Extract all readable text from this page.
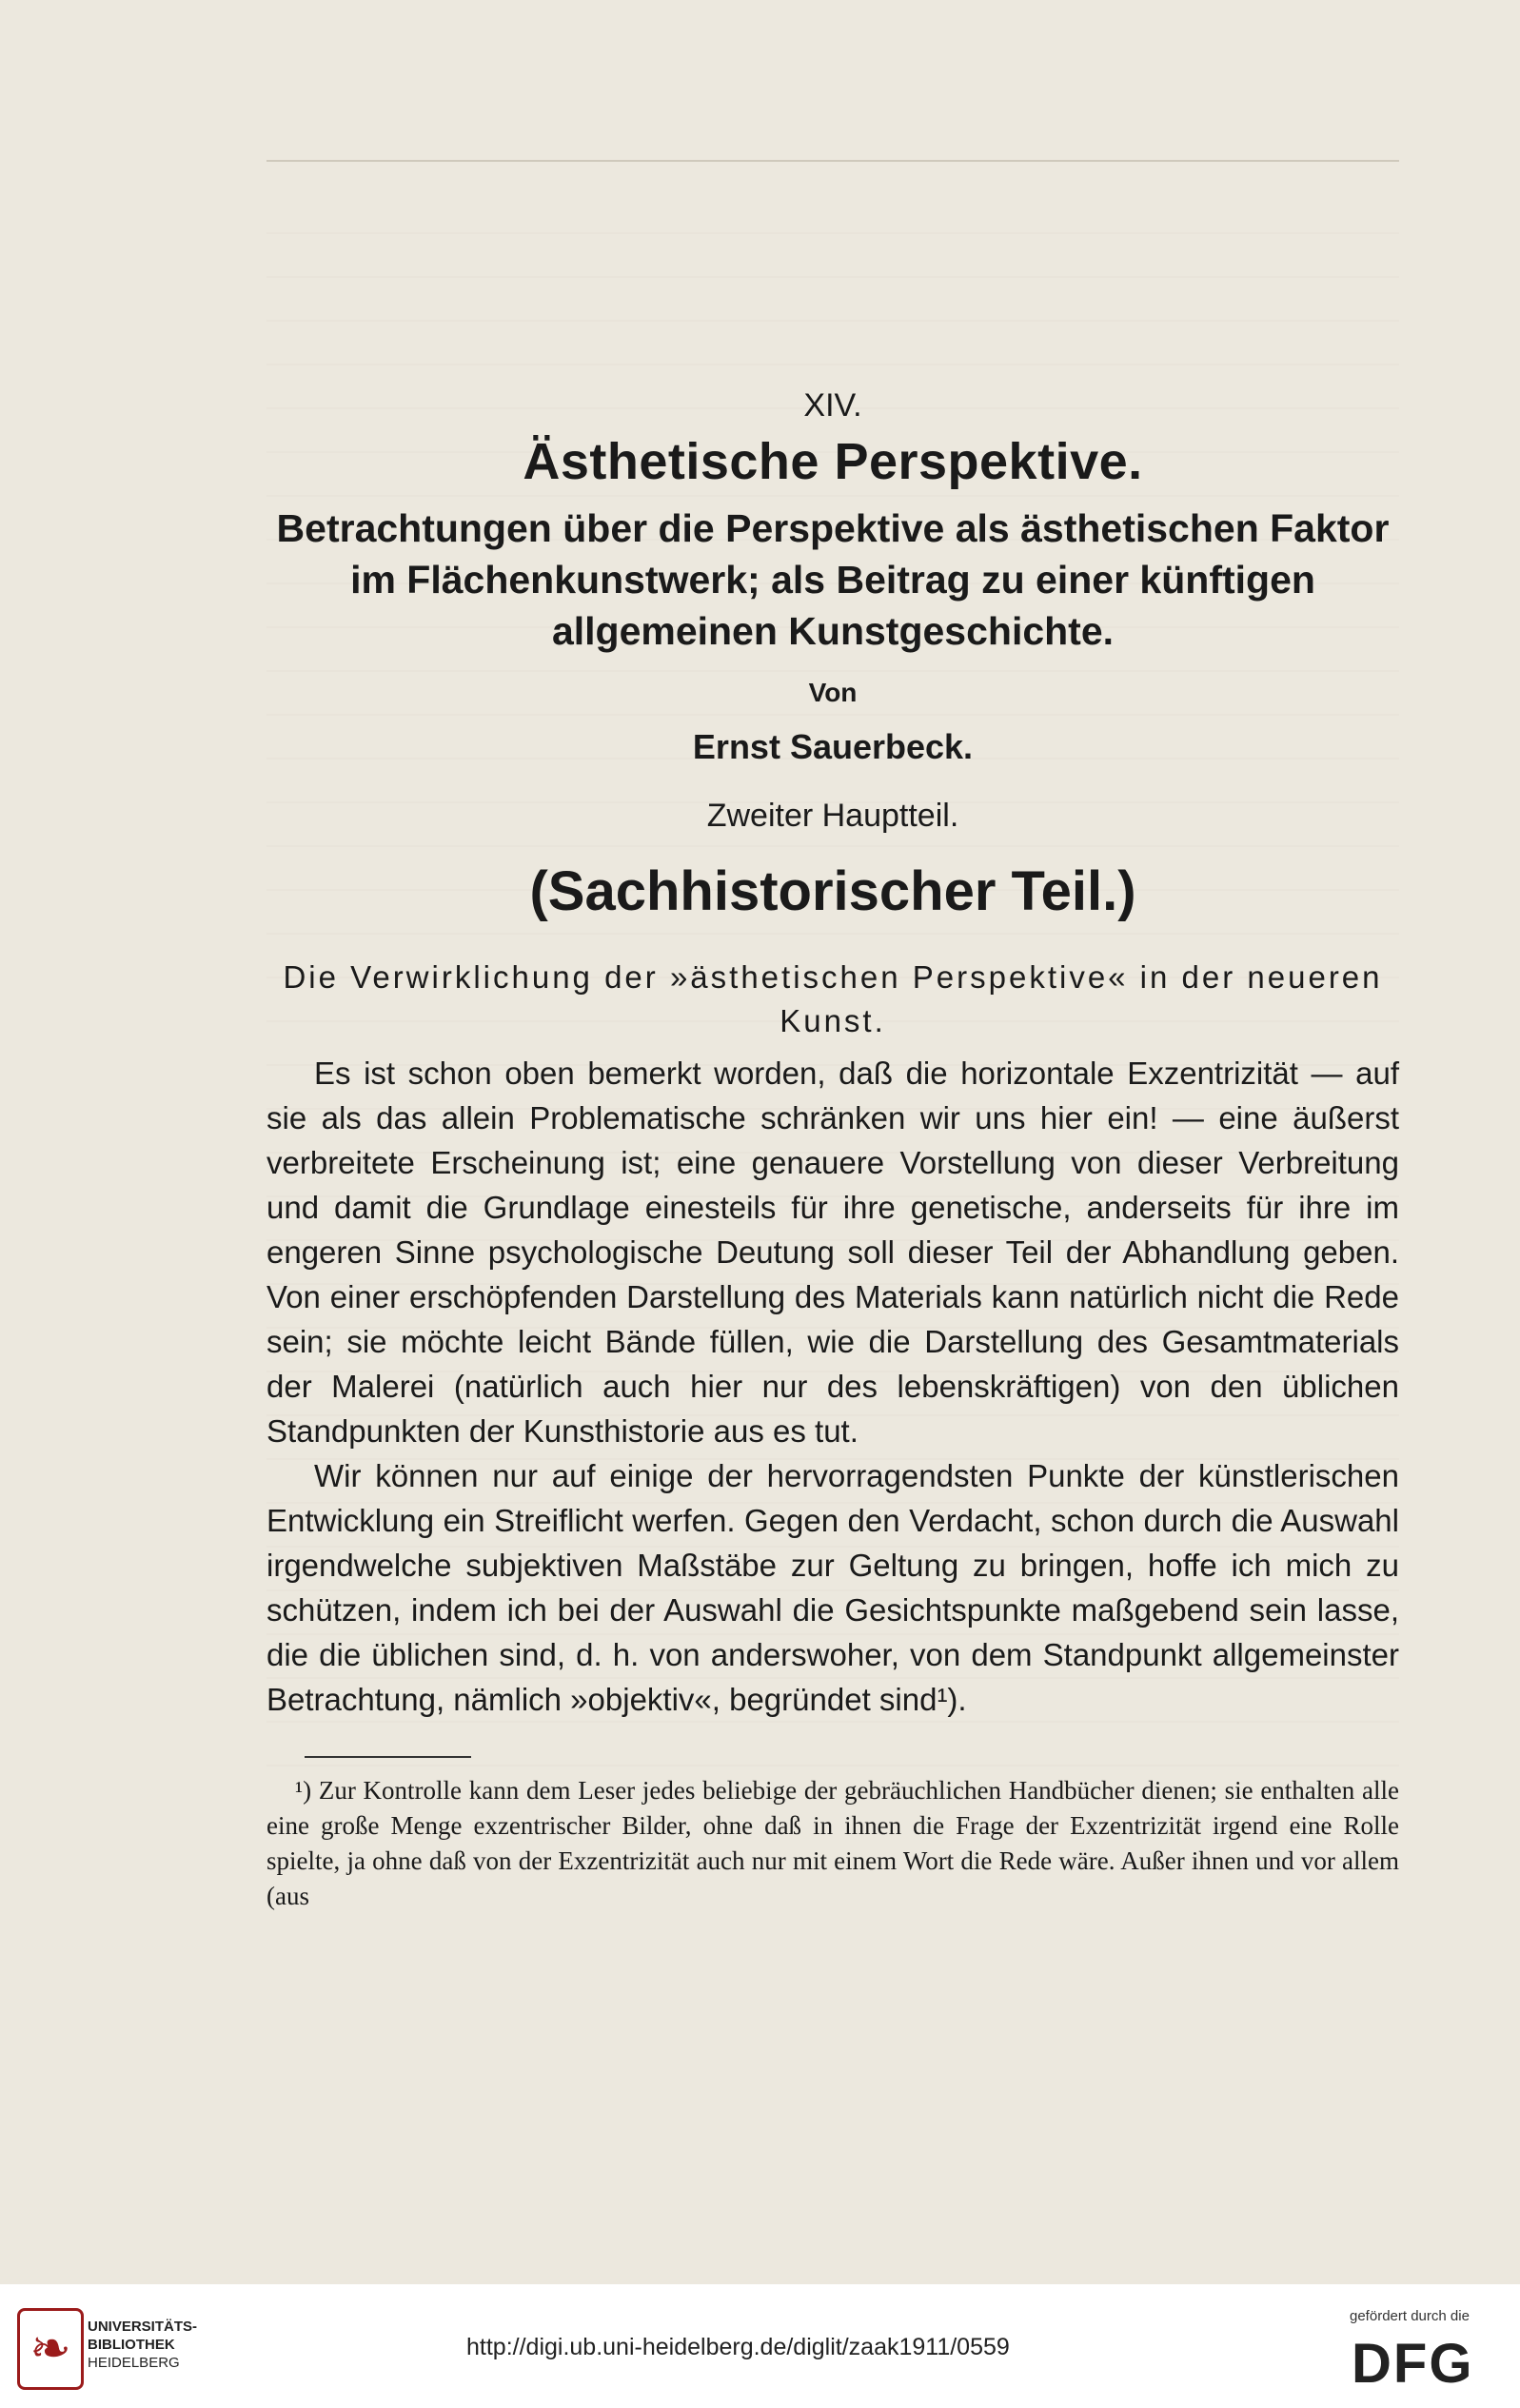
XIV.
Ästhetische Perspektive.

Betrachtungen über die Perspektive als ästhetischen Faktor im Flächenkunstwerk; als Beitrag zu einer künftigen allgemeinen Kunstgeschichte.

Von
Ernst Sauerbeck.
Zweiter Hauptteil.
(Sachhistorischer Teil.)

Die Verwirklichung der »ästhetischen Perspektive« in der neueren Kunst.

Es ist schon oben bemerkt worden, daß die horizontale Exzentrizität — auf sie als das allein Problematische schränken wir uns hier ein! — eine äußerst verbreitete Erscheinung ist; eine genauere Vorstellung von dieser Verbreitung und damit die Grundlage einesteils für ihre genetische, anderseits für ihre im engeren Sinne psychologische Deutung soll dieser Teil der Abhandlung geben. Von einer erschöpfenden Darstellung des Materials kann natürlich nicht die Rede sein; sie möchte leicht Bände füllen, wie die Darstellung des Gesamtmaterials der Malerei (natürlich auch hier nur des lebenskräftigen) von den üblichen Standpunkten der Kunsthistorie aus es tut.

Wir können nur auf einige der hervorragendsten Punkte der künstlerischen Entwicklung ein Streiflicht werfen. Gegen den Verdacht, schon durch die Auswahl irgendwelche subjektiven Maßstäbe zur Geltung zu bringen, hoffe ich mich zu schützen, indem ich bei der Auswahl die Gesichtspunkte maßgebend sein lasse, die die üblichen sind, d. h. von anderswoher, von dem Standpunkt allgemeinster Betrachtung, nämlich »objektiv«, begründet sind¹).

¹) Zur Kontrolle kann dem Leser jedes beliebige der gebräuchlichen Handbücher dienen; sie enthalten alle eine große Menge exzentrischer Bilder, ohne daß in ihnen die Frage der Exzentrizität irgend eine Rolle spielte, ja ohne daß von der Exzentrizität auch nur mit einem Wort die Rede wäre. Außer ihnen und vor allem (aus

❧	UNIVERSITÄTS-
BIBLIOTHEK
HEIDELBERG
http://digi.ub.uni-heidelberg.de/diglit/zaak1911/0559
gefördert durch die
DFG
